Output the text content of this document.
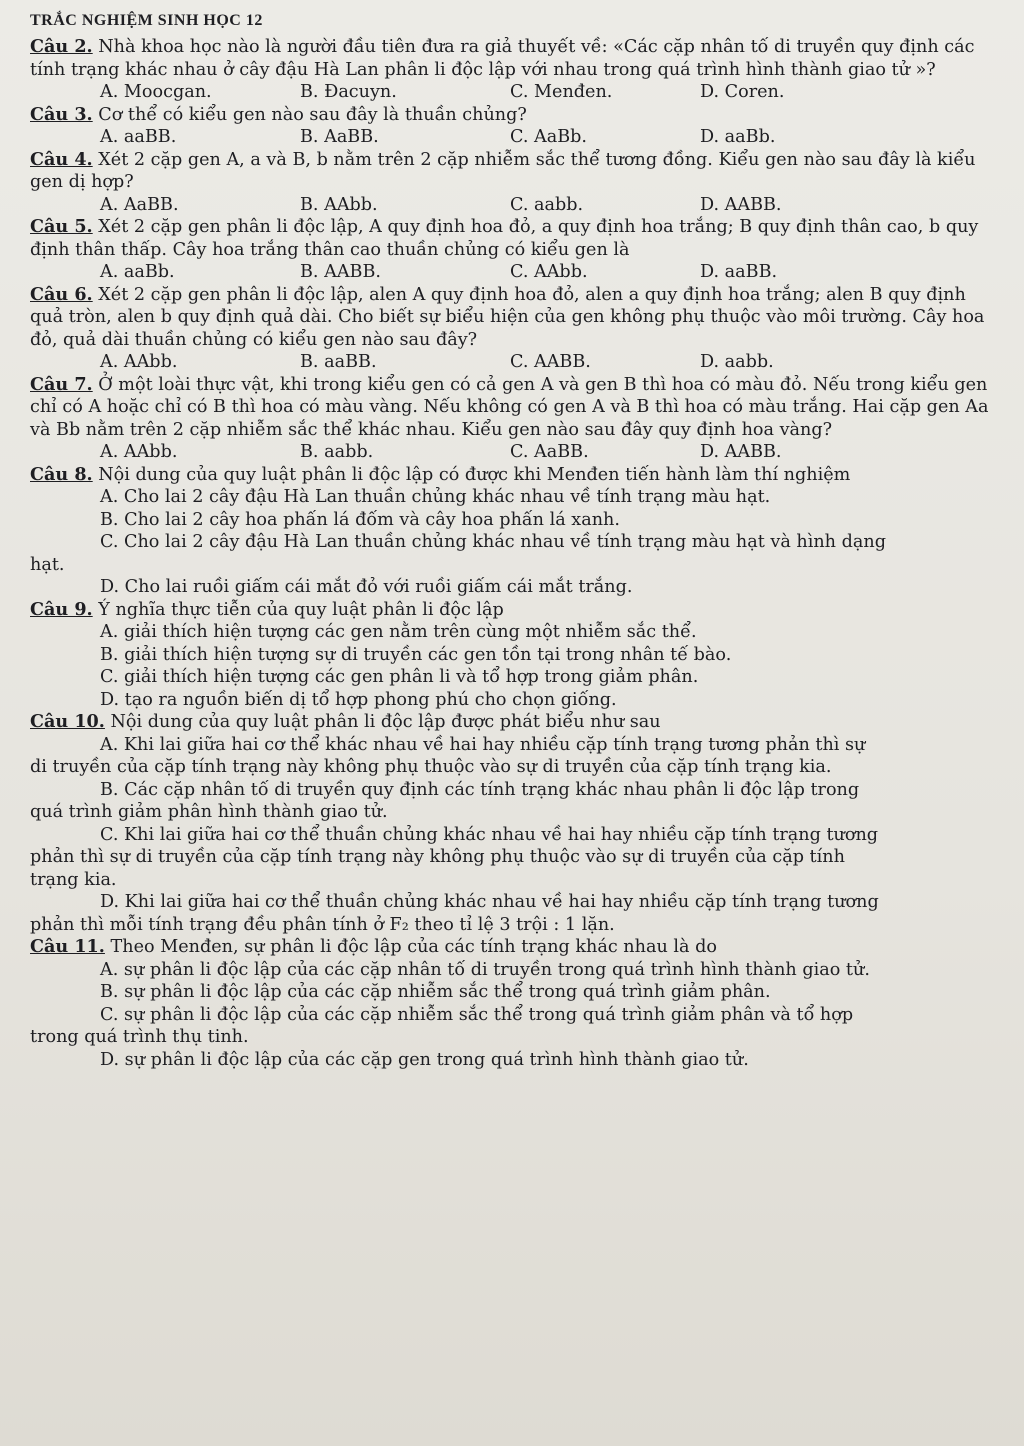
TRẮC NGHIỆM SINH HỌC 12

Câu 2. Nhà khoa học nào là người đầu tiên đưa ra giả thuyết về: «Các cặp nhân tố di truyền quy định các tính trạng khác nhau ở cây đậu Hà Lan phân li độc lập với nhau trong quá trình hình thành giao tử »?

A. Moocgan.	B. Đacuyn.	C. Menđen.	D. Coren.

Câu 3. Cơ thể có kiểu gen nào sau đây là thuần chủng?

A. aaBB.	B. AaBB.	C. AaBb.	D. aaBb.

Câu 4. Xét 2 cặp gen A, a và B, b nằm trên 2 cặp nhiễm sắc thể tương đồng. Kiểu gen nào sau đây là kiểu gen dị hợp?

A. AaBB.	B. AAbb.	C. aabb.	D. AABB.

Câu 5. Xét 2 cặp gen phân li độc lập, A quy định hoa đỏ, a quy định hoa trắng; B quy định thân cao, b quy định thân thấp. Cây hoa trắng thân cao thuần chủng có kiểu gen là

A. aaBb.	B. AABB.	C. AAbb.	D. aaBB.

Câu 6. Xét 2 cặp gen phân li độc lập, alen A quy định hoa đỏ, alen a quy định hoa trắng; alen B quy định quả tròn, alen b quy định quả dài. Cho biết sự biểu hiện của gen không phụ thuộc vào môi trường. Cây hoa đỏ, quả dài thuần chủng có kiểu gen nào sau đây?

A. AAbb.	B. aaBB.	C. AABB.	D. aabb.

Câu 7. Ở một loài thực vật, khi trong kiểu gen có cả gen A và gen B thì hoa có màu đỏ. Nếu trong kiểu gen chỉ có A hoặc chỉ có B thì hoa có màu vàng. Nếu không có gen A và B thì hoa có màu trắng. Hai cặp gen Aa và Bb nằm trên 2 cặp nhiễm sắc thể khác nhau. Kiểu gen nào sau đây quy định hoa vàng?

A. AAbb.	B. aabb.	C. AaBB.	D. AABB.

Câu 8. Nội dung của quy luật phân li độc lập có được khi Menđen tiến hành làm thí nghiệm

A. Cho lai 2 cây đậu Hà Lan thuần chủng khác nhau về tính trạng màu hạt.

B. Cho lai 2 cây hoa phấn lá đốm và cây hoa phấn lá xanh.

C. Cho lai 2 cây đậu Hà Lan thuần chủng khác nhau về tính trạng màu hạt và hình dạng

hạt.

D. Cho lai ruồi giấm cái mắt đỏ với ruồi giấm cái mắt trắng.

Câu 9. Ý nghĩa thực tiễn của quy luật phân li độc lập

A. giải thích hiện tượng các gen nằm trên cùng một nhiễm sắc thể.

B. giải thích hiện tượng sự di truyền các gen tồn tại trong nhân tế bào.

C. giải thích hiện tượng các gen phân li và tổ hợp trong giảm phân.

D. tạo ra nguồn biến dị tổ hợp phong phú cho chọn giống.

Câu 10. Nội dung của quy luật phân li độc lập được phát biểu như sau

A. Khi lai giữa hai cơ thể khác nhau về hai hay nhiều cặp tính trạng tương phản thì sự

di truyền của cặp tính trạng này không phụ thuộc vào sự di truyền của cặp tính trạng kia.

B. Các cặp nhân tố di truyền quy định các tính trạng khác nhau phân li độc lập trong

quá trình giảm phân hình thành giao tử.

C. Khi lai giữa hai cơ thể thuần chủng khác nhau về hai hay nhiều cặp tính trạng tương

phản thì sự di truyền của cặp tính trạng này không phụ thuộc vào sự di truyền của cặp tính

trạng kia.

D. Khi lai giữa hai cơ thể thuần chủng khác nhau về hai hay nhiều cặp tính trạng tương

phản thì mỗi tính trạng đều phân tính ở F₂ theo tỉ lệ 3 trội : 1 lặn.

Câu 11. Theo Menđen, sự phân li độc lập của các tính trạng khác nhau là do

A. sự phân li độc lập của các cặp nhân tố di truyền trong quá trình hình thành giao tử.

B. sự phân li độc lập của các cặp nhiễm sắc thể trong quá trình giảm phân.

C. sự phân li độc lập của các cặp nhiễm sắc thể trong quá trình giảm phân và tổ hợp

trong quá trình thụ tinh.

D. sự phân li độc lập của các cặp gen trong quá trình hình thành giao tử.
